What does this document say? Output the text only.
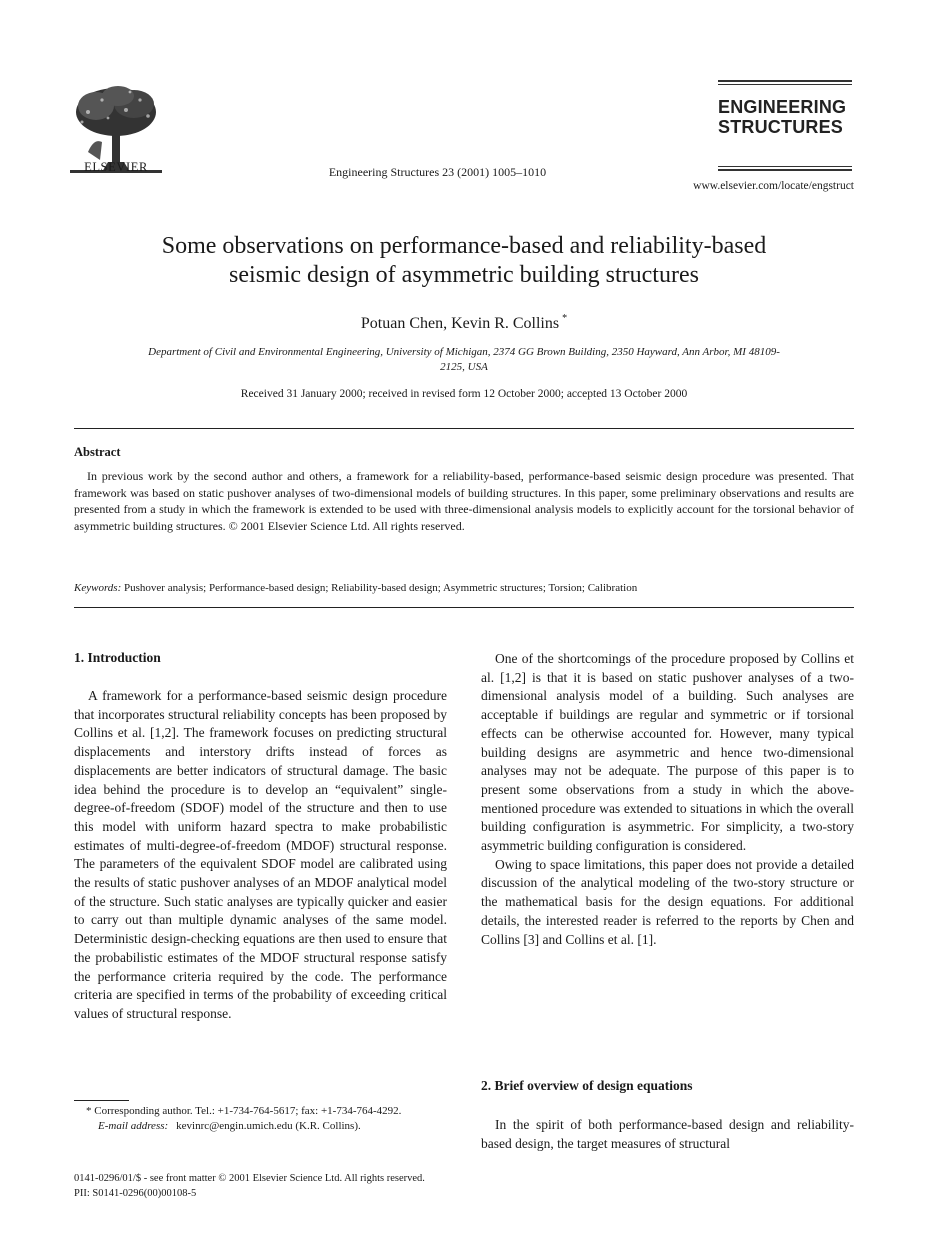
ELSEVIER	Engineering Structures 23 (2001) 1005–1010
ENGINEERING
STRUCTURES
www.elsevier.com/locate/engstruct
Some observations on performance-based and reliability-based
seismic design of asymmetric building structures
Potuan Chen, Kevin R. Collins *
Department of Civil and Environmental Engineering, University of Michigan, 2374 GG Brown Building, 2350 Hayward, Ann Arbor, MI 48109-
2125, USA
Received 31 January 2000; received in revised form 12 October 2000; accepted 13 October 2000
Abstract
In previous work by the second author and others, a framework for a reliability-based, performance-based seismic design procedure was presented. That framework was based on static pushover analyses of two-dimensional models of building structures. In this paper, some preliminary observations and results are presented from a study in which the framework is extended to be used with three-dimensional analysis models to explicitly account for the torsional behavior of asymmetric building structures. © 2001 Elsevier Science Ltd. All rights reserved.
Keywords: Pushover analysis; Performance-based design; Reliability-based design; Asymmetric structures; Torsion; Calibration
1. Introduction

A framework for a performance-based seismic design procedure that incorporates structural reliability concepts has been proposed by Collins et al. [1,2]. The framework focuses on predicting structural displacements and interstory drifts instead of forces as displacements are better indicators of structural damage. The basic idea behind the procedure is to develop an “equivalent” single-degree-of-freedom (SDOF) model of the structure and then to use this model with uniform hazard spectra to make probabilistic estimates of multi-degree-of-freedom (MDOF) structural response. The parameters of the equivalent SDOF model are calibrated using the results of static pushover analyses of an MDOF analytical model of the structure. Such static analyses are typically quicker and easier to carry out than multiple dynamic analyses of the same model. Deterministic design-checking equations are then used to ensure that the probabilistic estimates of the MDOF structural response satisfy the performance criteria required by the code. The performance criteria are specified in terms of the probability of exceeding critical values of structural response.

One of the shortcomings of the procedure proposed by Collins et al. [1,2] is that it is based on static pushover analyses of a two-dimensional analysis model of a building. Such analyses are acceptable if buildings are regular and symmetric or if torsional effects can be otherwise accounted for. However, many typical building designs are asymmetric and hence two-dimensional analyses may not be adequate. The purpose of this paper is to present some observations from a study in which the above-mentioned procedure was extended to situations in which the overall building configuration is asymmetric. For simplicity, a two-story asymmetric building configuration is considered.

Owing to space limitations, this paper does not provide a detailed discussion of the analytical modeling of the two-story structure or the mathematical basis for the design equations. For additional details, the interested reader is referred to the reports by Chen and Collins [3] and Collins et al. [1].

2. Brief overview of design equations

In the spirit of both performance-based design and reliability-based design, the target measures of structural

* Corresponding author. Tel.: +1-734-764-5617; fax: +1-734-764-4292.
E-mail address: kevinrc@engin.umich.edu (K.R. Collins).
0141-0296/01/$ - see front matter © 2001 Elsevier Science Ltd. All rights reserved.
PII: S0141-0296(00)00108-5
